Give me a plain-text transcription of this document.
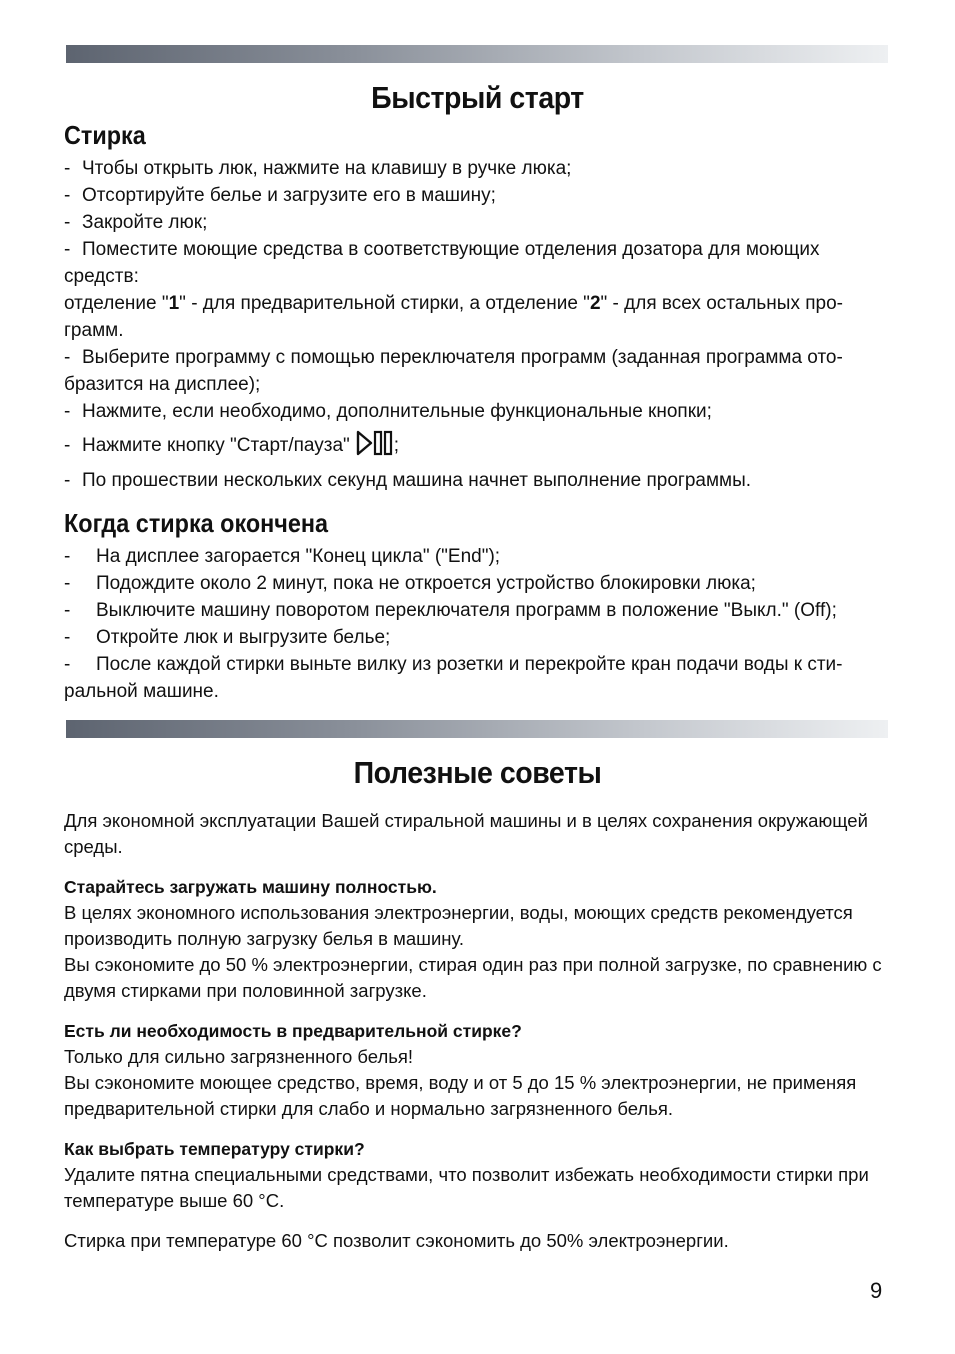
Быстрый старт
Стирка

- Чтобы открыть люк, нажмите на клавишу в ручке люка;

- Отсортируйте белье и загрузите его в машину;

- Закройте люк;

- Поместите моющие средства в соответствующие отделения дозатора для моющих средств:

отделение "1" - для предварительной стирки, а отделение "2" - для всех остальных про-грамм.

- Выберите программу с помощью переключателя программ (заданная программа ото-бразится на дисплее);

- Нажмите, если необходимо, дополнительные функциональные кнопки;

- Нажмите кнопку "Старт/пауза" ;

- По прошествии нескольких секунд машина начнет выполнение программы.

Когда стирка окончена

- На дисплее загорается "Конец цикла" ("End");

- Подождите около 2 минут, пока не откроется устройство блокировки люка;

- Выключите машину поворотом переключателя программ в положение "Выкл." (Off);

- Откройте люк и выгрузите белье;

- После каждой стирки выньте вилку из розетки и перекройте кран подачи воды к сти-ральной машине.

Полезные советы

Для экономной эксплуатации Вашей стиральной машины и в целях сохранения окружающей среды.

Старайтесь загружать машину полностью.

В целях экономного использования электроэнергии, воды, моющих средств рекомендуется производить полную загрузку белья в машину.

Вы сэкономите до 50 % электроэнергии, стирая один раз при полной загрузке, по сравнению с двумя стирками при половинной загрузке.

Есть ли необходимость в предварительной стирке?

Только для сильно загрязненного белья!

Вы сэкономите моющее средство, время, воду и от 5 до 15 % электроэнергии, не применяя предварительной стирки для слабо и нормально загрязненного белья.

Как выбрать температуру стирки?

Удалите пятна специальными средствами, что позволит избежать необходимости стирки при температуре выше 60 °С.

Стирка при температуре 60 °С позволит сэкономить до 50% электроэнергии.

9
